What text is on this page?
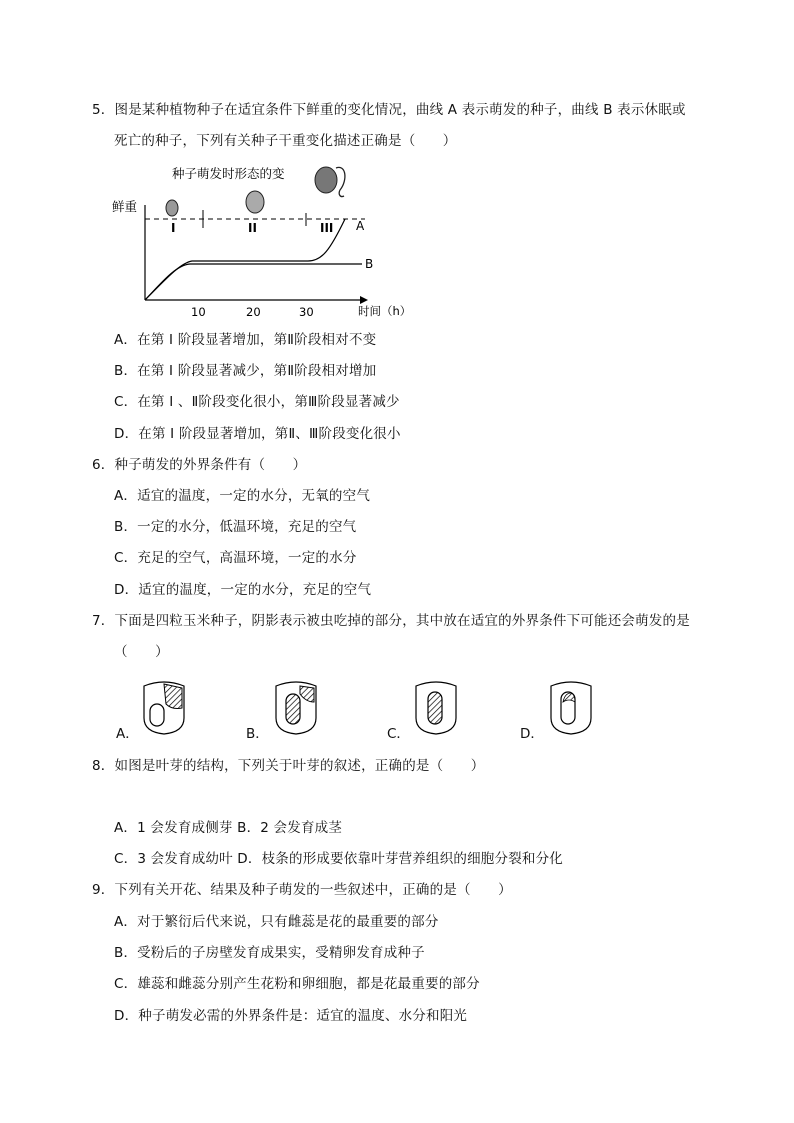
5．图是某种植物种子在适宜条件下鲜重的变化情况，曲线 A 表示萌发的种子，曲线 B 表示休眠或
死亡的种子，下列有关种子干重变化描述正确是（　　）
种子萌发时形态的变
鲜重
I	II	III A
B
10	20	30	时间（h）
A．在第 I 阶段显著增加，第Ⅱ阶段相对不变
B．在第 I 阶段显著减少，第Ⅱ阶段相对增加
C．在第 I 、Ⅱ阶段变化很小，第Ⅲ阶段显著减少
D．在第 I 阶段显著增加，第Ⅱ、Ⅲ阶段变化很小
6．种子萌发的外界条件有（　　）
A．适宜的温度，一定的水分，无氧的空气
B．一定的水分，低温环境，充足的空气
C．充足的空气，高温环境，一定的水分
D．适宜的温度，一定的水分，充足的空气
7．下面是四粒玉米种子，阴影表示被虫吃掉的部分，其中放在适宜的外界条件下可能还会萌发的是
（　　）
A．	B．	C．	D．
8．如图是叶芽的结构，下列关于叶芽的叙述，正确的是（　　）
A．1 会发育成侧芽 B．2 会发育成茎
C．3 会发育成幼叶 D．枝条的形成要依靠叶芽营养组织的细胞分裂和分化
9．下列有关开花、结果及种子萌发的一些叙述中，正确的是（　　）
A．对于繁衍后代来说，只有雌蕊是花的最重要的部分
B．受粉后的子房壁发育成果实，受精卵发育成种子
C．雄蕊和雌蕊分别产生花粉和卵细胞，都是花最重要的部分
D．种子萌发必需的外界条件是：适宜的温度、水分和阳光
